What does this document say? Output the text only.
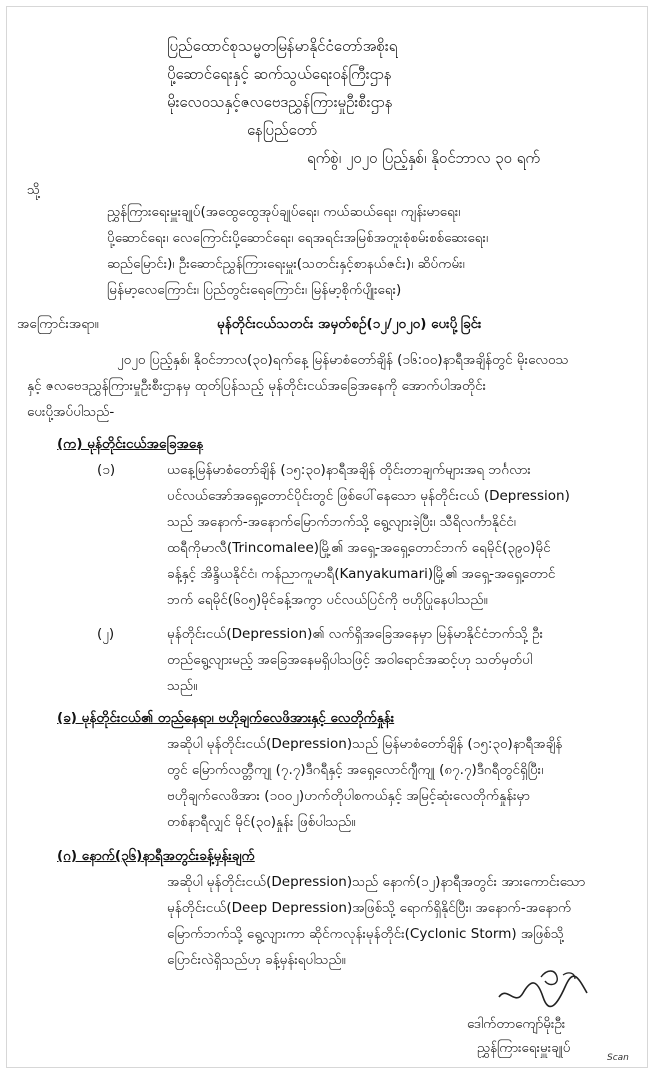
ပြည်ထောင်စုသမ္မတမြန်မာနိုင်ငံတော်အစိုးရ
ပို့ဆောင်ရေးနှင့် ဆက်သွယ်ရေးဝန်ကြီးဌာန
မိုးလေဝသနှင့်ဇလဗေဒညွှန်ကြားမှုဦးစီးဌာန
နေပြည်တော်
ရက်စွဲ၊ ၂၀၂၀ ပြည့်နှစ်၊ နိုဝင်ဘာလ ၃၀ ရက်
သို့
ညွှန်ကြားရေးမှူးချုပ်(အထွေထွေအုပ်ချုပ်ရေး၊ ကယ်ဆယ်ရေး၊ ကျန်းမာရေး၊
ပို့ဆောင်ရေး၊ လေကြောင်းပို့ဆောင်ရေး၊ ရေအရင်းအမြစ်အတူးစုံစမ်းစစ်ဆေးရေး၊
ဆည်မြောင်း)၊ ဦးဆောင်ညွှန်ကြားရေးမှူး(သတင်းနှင့်စာနယ်ဇင်း)၊ ဆိပ်ကမ်း၊
မြန်မာ့လေကြောင်း၊ ပြည်တွင်းရေကြောင်း၊ မြန်မာ့စိုက်ပျိုးရေး)
အကြောင်းအရာ။	မုန်တိုင်းငယ်သတင်း အမှတ်စဉ်(၁၂/၂၀၂၀) ပေးပို့ခြင်း
၂၀၂၀ ပြည့်နှစ်၊ နိုဝင်ဘာလ(၃၀)ရက်နေ့ မြန်မာစံတော်ချိန် (၁၆:၀၀)နာရီအချိန်တွင် မိုးလေဝသ
နှင့် ဇလဗေဒညွှန်ကြားမှုဦးစီးဌာနမှ ထုတ်ပြန်သည့် မုန်တိုင်းငယ်အခြေအနေကို အောက်ပါအတိုင်း
ပေးပို့အပ်ပါသည်-
(က) မုန်တိုင်းငယ်အခြေအနေ
(၁)	ယနေ့မြန်မာစံတော်ချိန် (၁၅:၃၀)နာရီအချိန် တိုင်းတာချက်များအရ ဘင်္ဂလား
ပင်လယ်အော်အရှေ့တောင်ပိုင်းတွင် ဖြစ်ပေါ်နေသော မုန်တိုင်းငယ် (Depression)
သည် အနောက်-အနောက်မြောက်ဘက်သို့ ရွေ့လျားခဲ့ပြီး၊ သီရိလင်္ကာနိုင်ငံ၊
ထရီကိုမာလီ(Trincomalee)မြို့၏ အရှေ့-အရှေ့တောင်ဘက် ရေမိုင်(၃၉၀)မိုင်
ခန့်နှင့် အိန္ဒိယနိုင်ငံ၊ ကန်ညာကူမာရီ(Kanyakumari)မြို့၏ အရှေ့-အရှေ့တောင်
ဘက် ရေမိုင်(၆၀၅)မိုင်ခန့်အကွာ ပင်လယ်ပြင်ကို ဗဟိုပြုနေပါသည်။
(၂)	မုန်တိုင်းငယ်(Depression)၏ လက်ရှိအခြေအနေမှာ မြန်မာနိုင်ငံဘက်သို့ ဦး
တည်ရွေ့လျားမည့် အခြေအနေမရှိပါသဖြင့် အဝါရောင်အဆင့်ဟု သတ်မှတ်ပါ
သည်။
(ခ) မုန်တိုင်းငယ်၏ တည်နေရာ၊ ဗဟိုချက်လေဖိအားနှင့် လေတိုက်နှုန်း
အဆိုပါ မုန်တိုင်းငယ်(Depression)သည် မြန်မာစံတော်ချိန် (၁၅:၃၀)နာရီအချိန်
တွင် မြောက်လတ္တီကျု (၇.၇)ဒီဂရီနှင့် အရှေ့လောင်ဂျီကျု (၈၇.၇)ဒီဂရီတွင်ရှိပြီး၊
ဗဟိုချက်လေဖိအား (၁၀၀၂)ဟက်တိုပါစကယ်နှင့် အမြင့်ဆုံးလေတိုက်နှုန်းမှာ
တစ်နာရီလျှင် မိုင်(၃၀)နှုန်း ဖြစ်ပါသည်။
(ဂ) နောက်(၃၆)နာရီအတွင်းခန့်မှန်းချက်
အဆိုပါ မုန်တိုင်းငယ်(Depression)သည် နောက်(၁၂)နာရီအတွင်း အားကောင်းသော
မုန်တိုင်းငယ်(Deep Depression)အဖြစ်သို့ ရောက်ရှိနိုင်ပြီး၊ အနောက်-အနောက်
မြောက်ဘက်သို့ ရွေ့လျားကာ ဆိုင်ကလုန်းမုန်တိုင်း(Cyclonic Storm) အဖြစ်သို့
ပြောင်းလဲရှိသည်ဟု ခန့်မှန်းရပါသည်။
ဒေါက်တာကျော်မိုးဦး
ညွှန်ကြားရေးမှူးချုပ်
Scan
